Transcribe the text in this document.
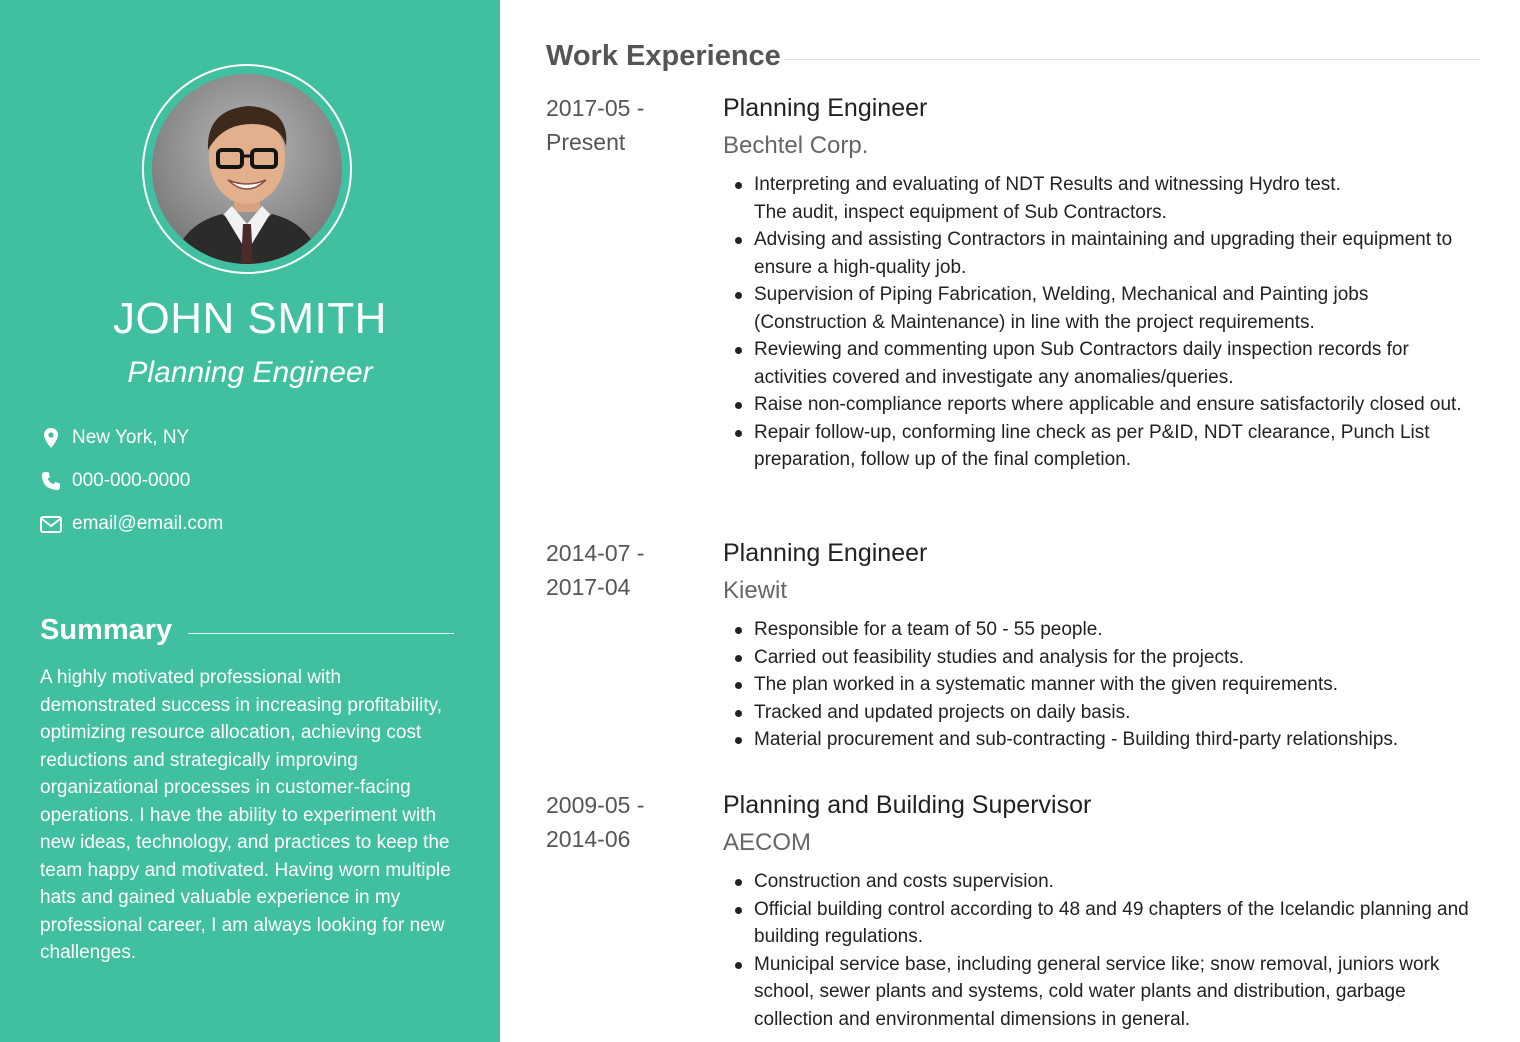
JOHN SMITH
Planning Engineer
New York, NY
000-000-0000
email@email.com
Summary

A highly motivated professional with demonstrated success in increasing profitability, optimizing resource allocation, achieving cost reductions and strategically improving organizational processes in customer-facing operations. I have the ability to experiment with new ideas, technology, and practices to keep the team happy and motivated. Having worn multiple hats and gained valuable experience in my professional career, I am always looking for new challenges.

Work Experience
2017-05 -
Present
Planning Engineer
Bechtel Corp.
Interpreting and evaluating of NDT Results and witnessing Hydro test.
The audit, inspect equipment of Sub Contractors.
Advising and assisting Contractors in maintaining and upgrading their equipment to ensure a high-quality job.
Supervision of Piping Fabrication, Welding, Mechanical and Painting jobs (Construction & Maintenance) in line with the project requirements.
Reviewing and commenting upon Sub Contractors daily inspection records for activities covered and investigate any anomalies/queries.
Raise non-compliance reports where applicable and ensure satisfactorily closed out.
Repair follow-up, conforming line check as per P&ID, NDT clearance, Punch List preparation, follow up of the final completion.
2014-07 -
2017-04
Planning Engineer
Kiewit
Responsible for a team of 50 - 55 people.
Carried out feasibility studies and analysis for the projects.
The plan worked in a systematic manner with the given requirements.
Tracked and updated projects on daily basis.
Material procurement and sub-contracting - Building third-party relationships.
2009-05 -
2014-06
Planning and Building Supervisor
AECOM
Construction and costs supervision.
Official building control according to 48 and 49 chapters of the Icelandic planning and building regulations.
Municipal service base, including general service like; snow removal, juniors work school, sewer plants and systems, cold water plants and distribution, garbage collection and environmental dimensions in general.
